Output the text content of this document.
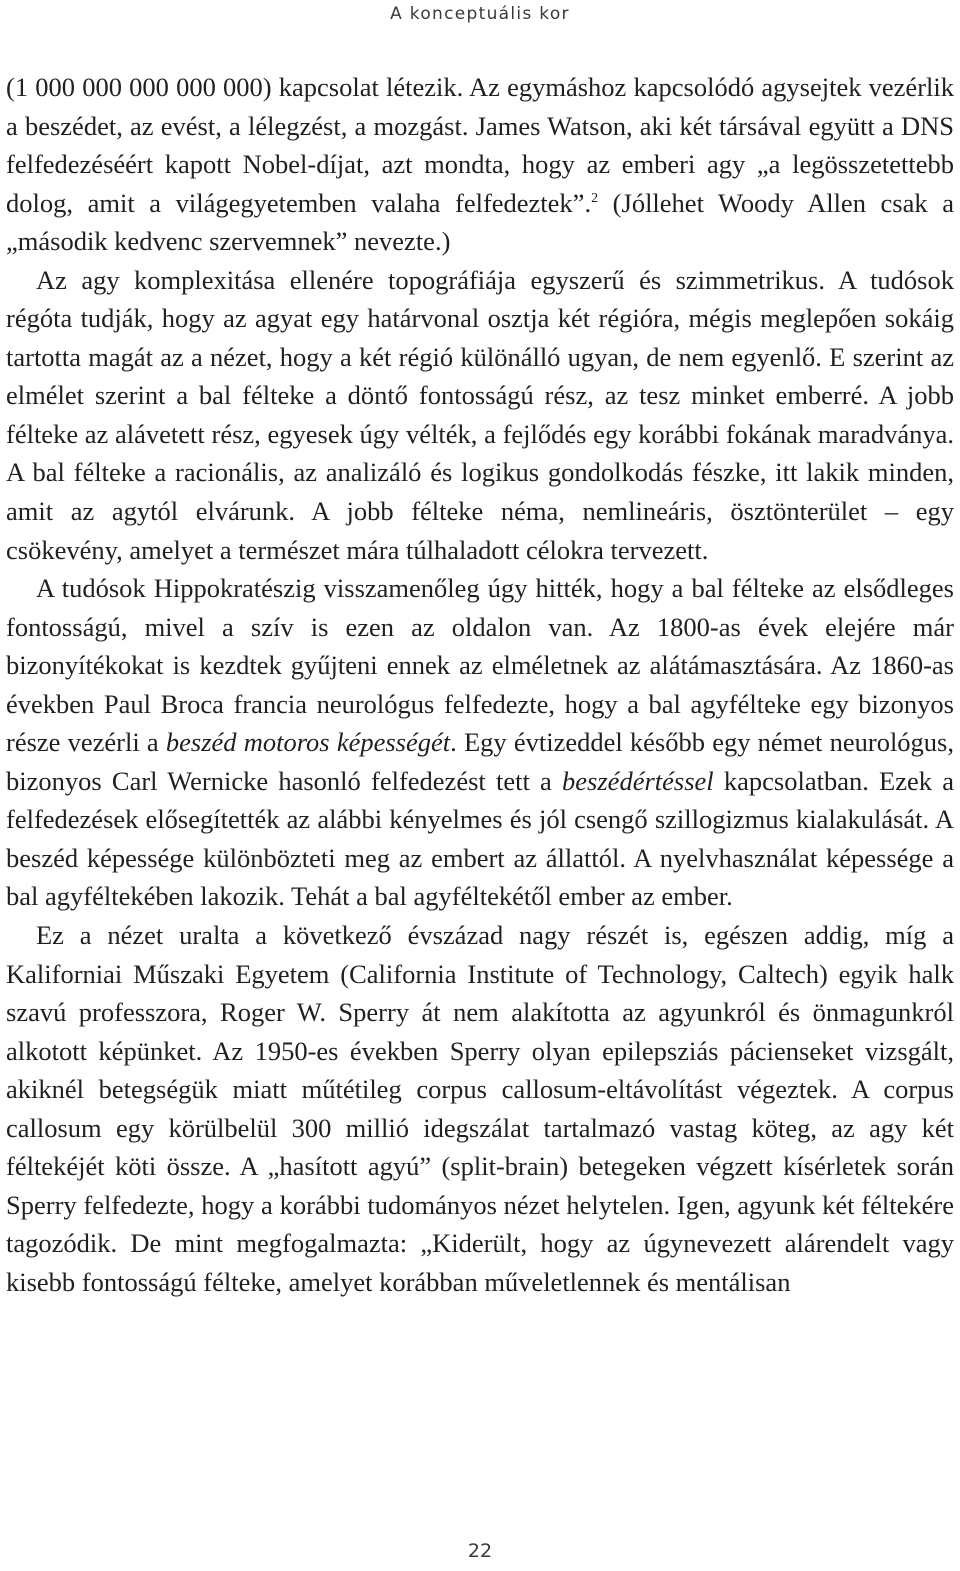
A konceptuális kor

(1 000 000 000 000 000) kapcsolat létezik. Az egymáshoz kapcsolódó agysejtek vezérlik a beszédet, az evést, a lélegzést, a mozgást. James Watson, aki két társával együtt a DNS felfedezéséért kapott Nobel-díjat, azt mondta, hogy az emberi agy „a legösszetettebb dolog, amit a világegyetemben valaha felfedeztek”.$^2$ (Jóllehet Woody Allen csak a „második kedvenc szervemnek” nevezte.)

Az agy komplexitása ellenére topográfiája egyszerű és szimmetrikus. A tudósok régóta tudják, hogy az agyat egy határvonal osztja két régióra, mégis meglepően sokáig tartotta magát az a nézet, hogy a két régió különálló ugyan, de nem egyenlő. E szerint az elmélet szerint a bal félteke a döntő fontosságú rész, az tesz minket emberré. A jobb félteke az alávetett rész, egyesek úgy vélték, a fejlődés egy korábbi fokának maradványa. A bal félteke a racionális, az analizáló és logikus gondolkodás fészke, itt lakik minden, amit az agytól elvárunk. A jobb félteke néma, nemlineáris, ösztönterület – egy csökevény, amelyet a természet mára túlhaladott célokra tervezett.

A tudósok Hippokratészig visszamenőleg úgy hitték, hogy a bal félteke az elsődleges fontosságú, mivel a szív is ezen az oldalon van. Az 1800-as évek elejére már bizonyítékokat is kezdtek gyűjteni ennek az elméletnek az alátámasztására. Az 1860-as években Paul Broca francia neurológus felfedezte, hogy a bal agyfélteke egy bizonyos része vezérli a beszéd motoros képességét. Egy évtizeddel később egy német neurológus, bizonyos Carl Wernicke hasonló felfedezést tett a beszédértéssel kapcsolatban. Ezek a felfedezések elősegítették az alábbi kényelmes és jól csengő szillogizmus kialakulását. A beszéd képessége különbözteti meg az embert az állattól. A nyelvhasználat képessége a bal agyféltekében lakozik. Tehát a bal agyféltekétől ember az ember.

Ez a nézet uralta a következő évszázad nagy részét is, egészen addig, míg a Kaliforniai Műszaki Egyetem (California Institute of Technology, Caltech) egyik halk szavú professzora, Roger W. Sperry át nem alakította az agyunkról és önmagunkról alkotott képünket. Az 1950-es években Sperry olyan epilepsziás pácienseket vizsgált, akiknél betegségük miatt műtétileg corpus callosum-eltávolítást végeztek. A corpus callosum egy körülbelül 300 millió idegszálat tartalmazó vastag köteg, az agy két féltekéjét köti össze. A „hasított agyú” (split-brain) betegeken végzett kísérletek során Sperry felfedezte, hogy a korábbi tudományos nézet helytelen. Igen, agyunk két féltekére tagozódik. De mint megfogalmazta: „Kiderült, hogy az úgynevezett alárendelt vagy kisebb fontosságú félteke, amelyet korábban műveletlennek és mentálisan

22
